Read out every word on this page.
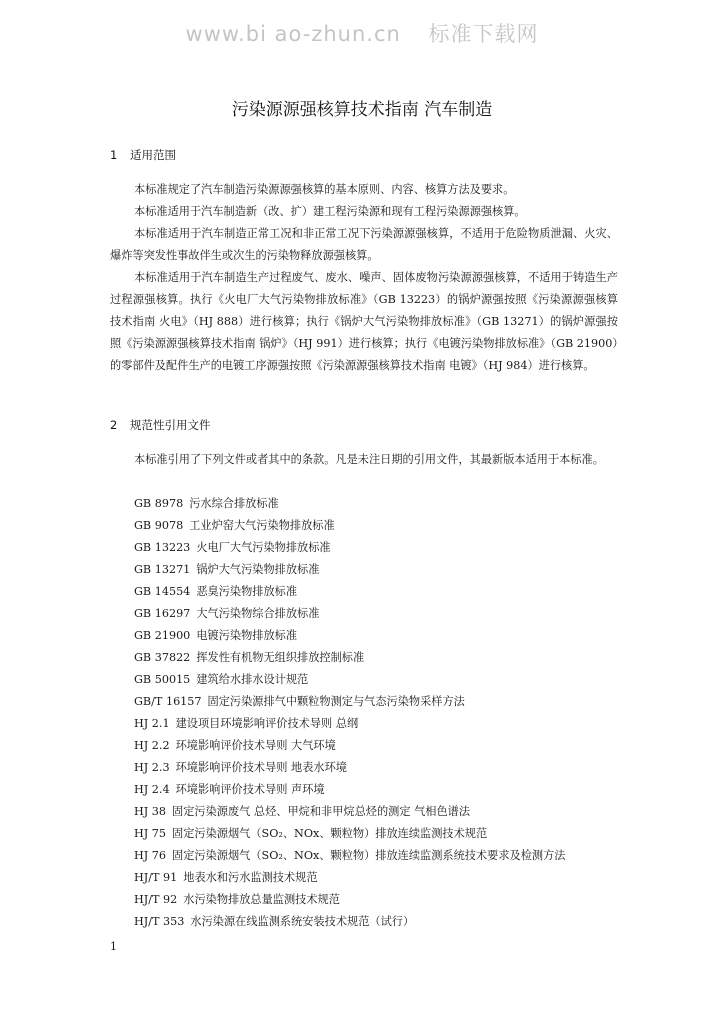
www.bi ao-zhun.cn 标准下载网
污染源源强核算技术指南 汽车制造
1 适用范围

本标准规定了汽车制造污染源源强核算的基本原则、内容、核算方法及要求。

本标准适用于汽车制造新（改、扩）建工程污染源和现有工程污染源源强核算。

本标准适用于汽车制造正常工况和非正常工况下污染源源强核算，不适用于危险物质泄漏、火灾、爆炸等突发性事故伴生或次生的污染物释放源强核算。

本标准适用于汽车制造生产过程废气、废水、噪声、固体废物污染源源强核算，不适用于铸造生产过程源强核算。执行《火电厂大气污染物排放标准》（GB 13223）的锅炉源强按照《污染源源强核算技术指南 火电》（HJ 888）进行核算；执行《锅炉大气污染物排放标准》（GB 13271）的锅炉源强按照《污染源源强核算技术指南 锅炉》（HJ 991）进行核算；执行《电镀污染物排放标准》（GB 21900）的零部件及配件生产的电镀工序源强按照《污染源源强核算技术指南 电镀》（HJ 984）进行核算。

2 规范性引用文件

本标准引用了下列文件或者其中的条款。凡是未注日期的引用文件，其最新版本适用于本标准。

GB 8978 污水综合排放标准
GB 9078 工业炉窑大气污染物排放标准
GB 13223 火电厂大气污染物排放标准
GB 13271 锅炉大气污染物排放标准
GB 14554 恶臭污染物排放标准
GB 16297 大气污染物综合排放标准
GB 21900 电镀污染物排放标准
GB 37822 挥发性有机物无组织排放控制标准
GB 50015 建筑给水排水设计规范
GB/T 16157 固定污染源排气中颗粒物测定与气态污染物采样方法
HJ 2.1 建设项目环境影响评价技术导则 总纲
HJ 2.2 环境影响评价技术导则 大气环境
HJ 2.3 环境影响评价技术导则 地表水环境
HJ 2.4 环境影响评价技术导则 声环境
HJ 38 固定污染源废气 总烃、甲烷和非甲烷总烃的测定 气相色谱法
HJ 75 固定污染源烟气（SO₂、NOx、颗粒物）排放连续监测技术规范
HJ 76 固定污染源烟气（SO₂、NOx、颗粒物）排放连续监测系统技术要求及检测方法
HJ/T 91 地表水和污水监测技术规范
HJ/T 92 水污染物排放总量监测技术规范
HJ/T 353 水污染源在线监测系统安装技术规范（试行）
1
